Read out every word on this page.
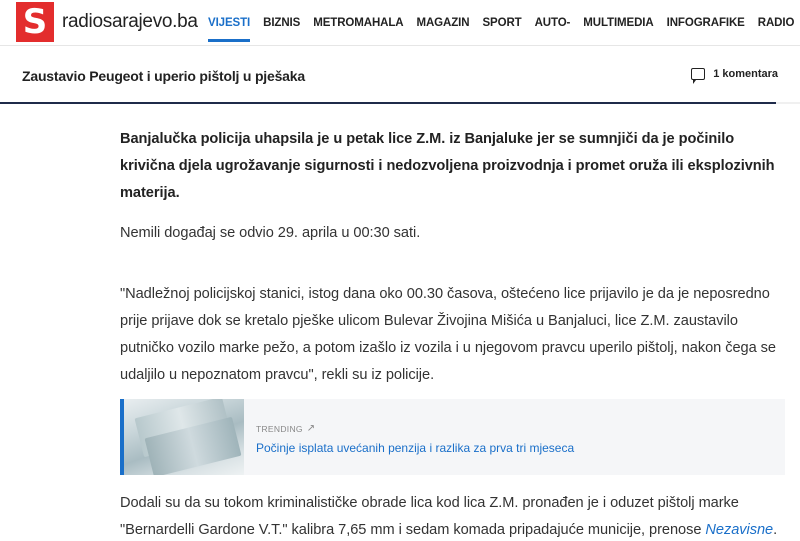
S radiosarajevo.ba VIJESTI BIZNIS METROMAHALA MAGAZIN SPORT AUTO- MULTIMEDIA INFOGRAFIKE RADIO
Zaustavio Peugeot i uperio pištolj u pješaka	1 komentara

Banjalučka policija uhapsila je u petak lice Z.M. iz Banjaluke jer se sumnjiči da je počinilo krivična djela ugrožavanje sigurnosti i nedozvoljena proizvodnja i promet oruža ili eksplozivnih materija.

Nemili događaj se odvio 29. aprila u 00:30 sati.

"Nadležnoj policijskoj stanici, istog dana oko 00.30 časova, oštećeno lice prijavilo je da je neposredno prije prijave dok se kretalo pješke ulicom Bulevar Živojina Mišića u Banjaluci, lice Z.M. zaustavilo putničko vozilo marke pežo, a potom izašlo iz vozila i u njegovom pravcu uperilo pištolj, nakon čega se udaljilo u nepoznatom pravcu", rekli su iz policije.

TRENDING ↗
Počinje isplata uvećanih penzija i razlika za prva tri mjeseca

Dodali su da su tokom kriminalističke obrade lica kod lica Z.M. pronađen je i oduzet pištolj marke "Bernardelli Gardone V.T." kalibra 7,65 mm i sedam komada pripadajuće municije, prenose Nezavisne.
